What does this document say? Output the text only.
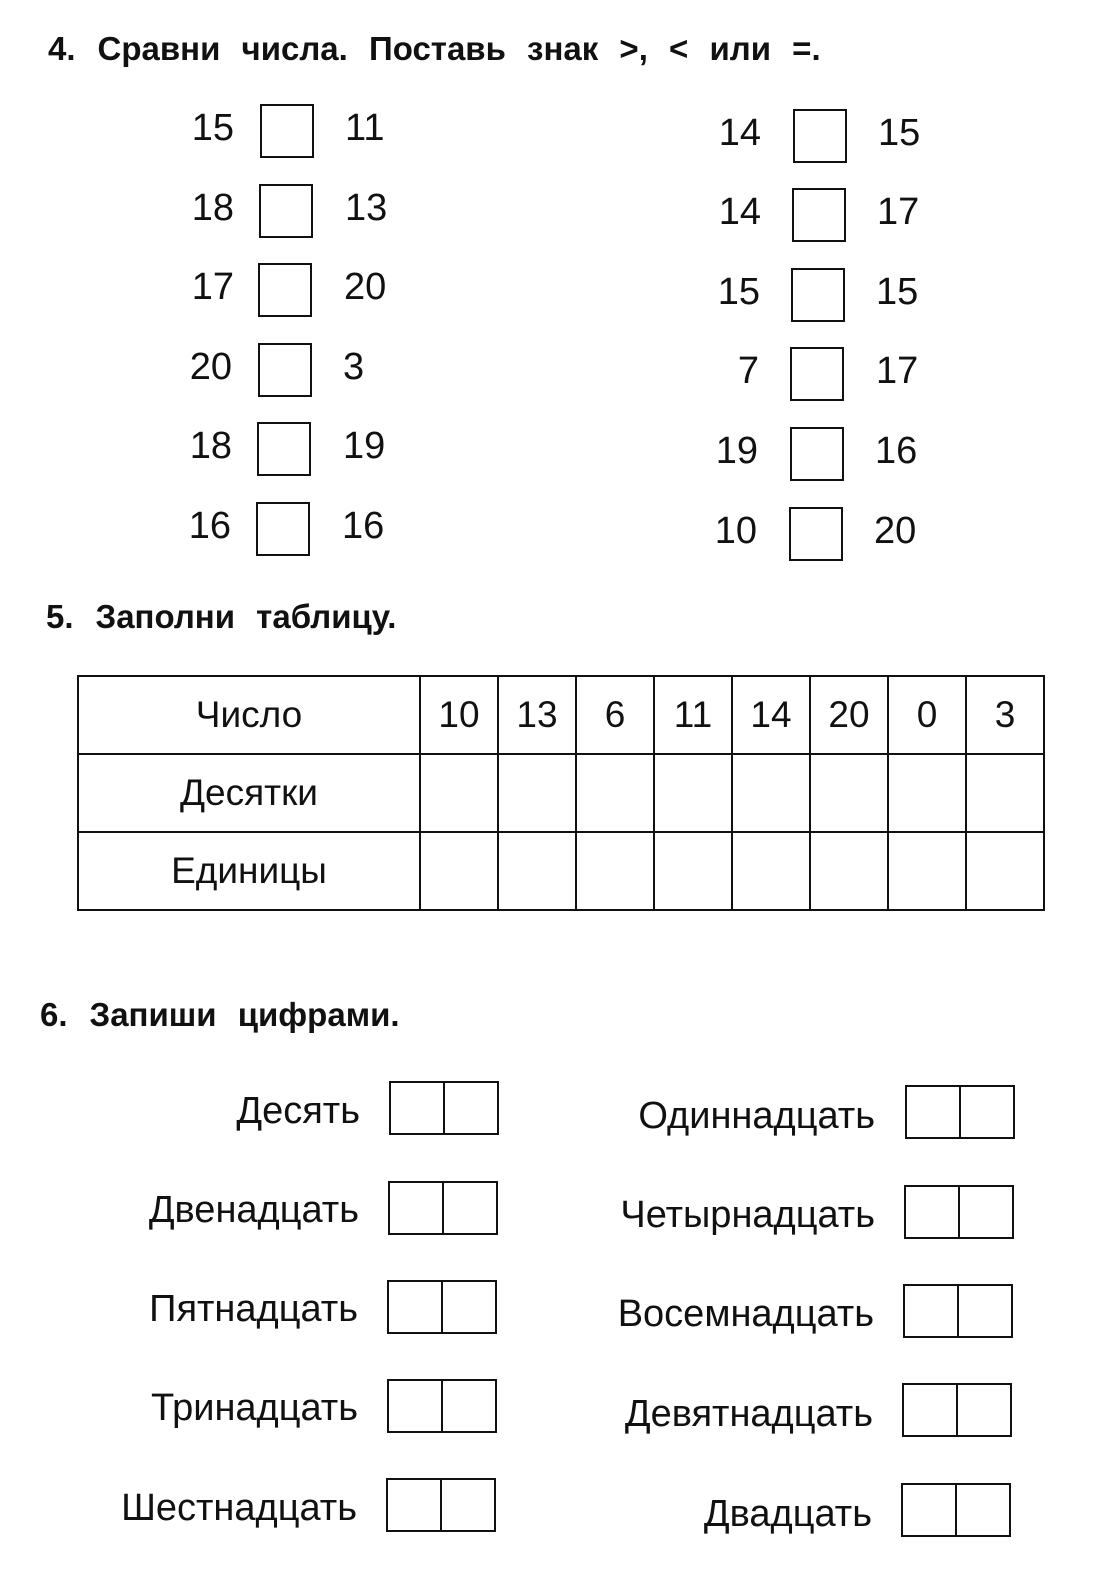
4. Сравни числа. Поставь знак >, < или =.
15	11
18	13
17	20
20	3
18	19
16	16
14	15
14	17
15	15
7	17
19	16
10	20
5. Заполни таблицу.
Число	10	13	6	11	14	20	0	3
Десятки								
Единицы								
6. Запиши цифрами.
Десять
Двенадцать
Пятнадцать
Тринадцать
Шестнадцать
Одиннадцать
Четырнадцать
Восемнадцать
Девятнадцать
Двадцать
